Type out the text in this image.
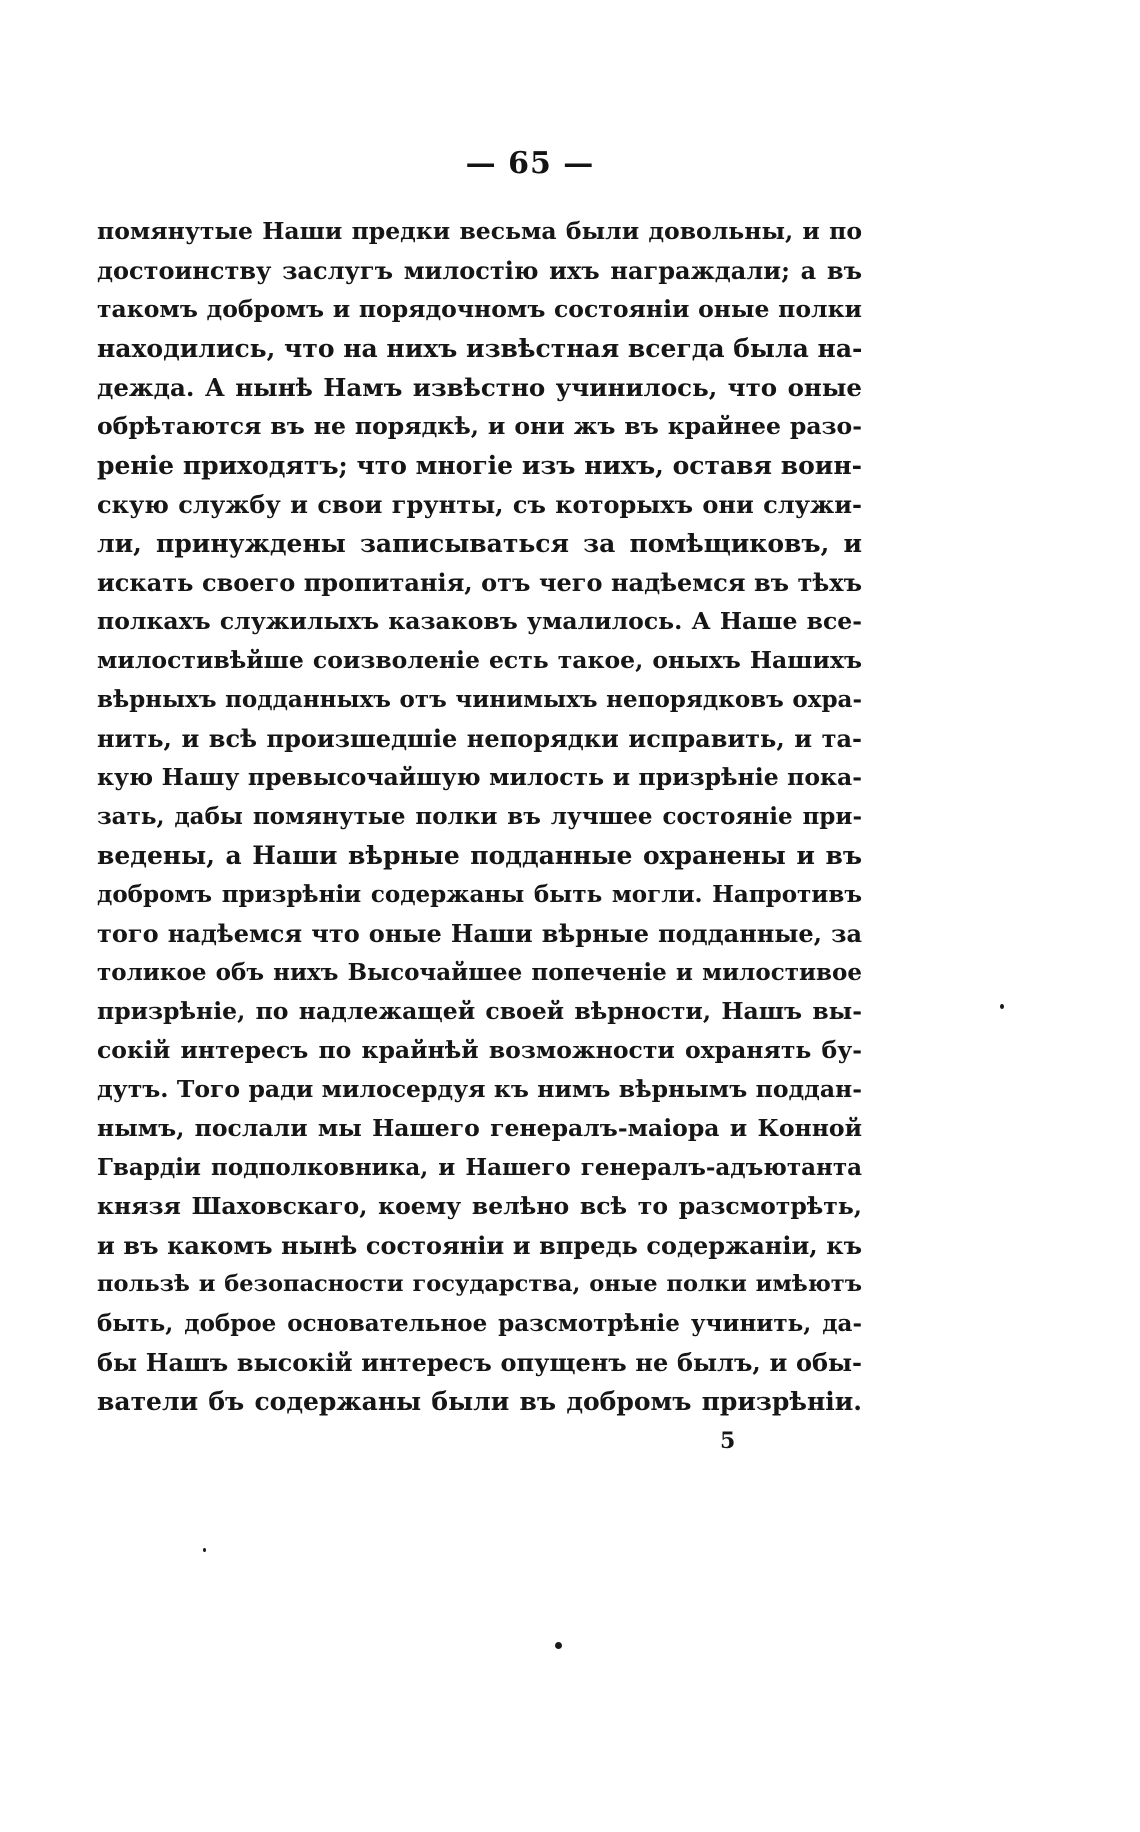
— 65 —
помянутые Наши предки весьма были довольны, и по
достоинству заслугъ милостію ихъ награждали; а въ
такомъ добромъ и порядочномъ состояніи оные полки
находились, что на нихъ извѣстная всегда была на-
дежда. А нынѣ Намъ извѣстно учинилось, что оные
обрѣтаются въ не порядкѣ, и они жъ въ крайнее разо-
реніе приходятъ; что многіе изъ нихъ, оставя воин-
скую службу и свои грунты, съ которыхъ они служи-
ли, принуждены записываться за помѣщиковъ, и
искать своего пропитанія, отъ чего надѣемся въ тѣхъ
полкахъ служилыхъ казаковъ умалилось. А Наше все-
милостивѣйше соизволеніе есть такое, оныхъ Нашихъ
вѣрныхъ подданныхъ отъ чинимыхъ непорядковъ охра-
нить, и всѣ произшедшіе непорядки исправить, и та-
кую Нашу превысочайшую милость и призрѣніе пока-
зать, дабы помянутые полки въ лучшее состояніе при-
ведены, а Наши вѣрные подданные охранены и въ
добромъ призрѣніи содержаны быть могли. Напротивъ
того надѣемся что оные Наши вѣрные подданные, за
толикое объ нихъ Высочайшее попеченіе и милостивое
призрѣніе, по надлежащей своей вѣрности, Нашъ вы-
сокій интересъ по крайнѣй возможности охранять бу-
дутъ. Того ради милосердуя къ нимъ вѣрнымъ поддан-
нымъ, послали мы Нашего генералъ-маіора и Конной
Гвардіи подполковника, и Нашего генералъ-адъютанта
князя Шаховскаго, коему велѣно всѣ то разсмотрѣть,
и въ какомъ нынѣ состояніи и впредь содержаніи, къ
пользѣ и безопасности государства, оные полки имѣютъ
быть, доброе основательное разсмотрѣніе учинить, да-
бы Нашъ высокій интересъ опущенъ не былъ, и обы-
ватели бъ содержаны были въ добромъ призрѣніи.
5
